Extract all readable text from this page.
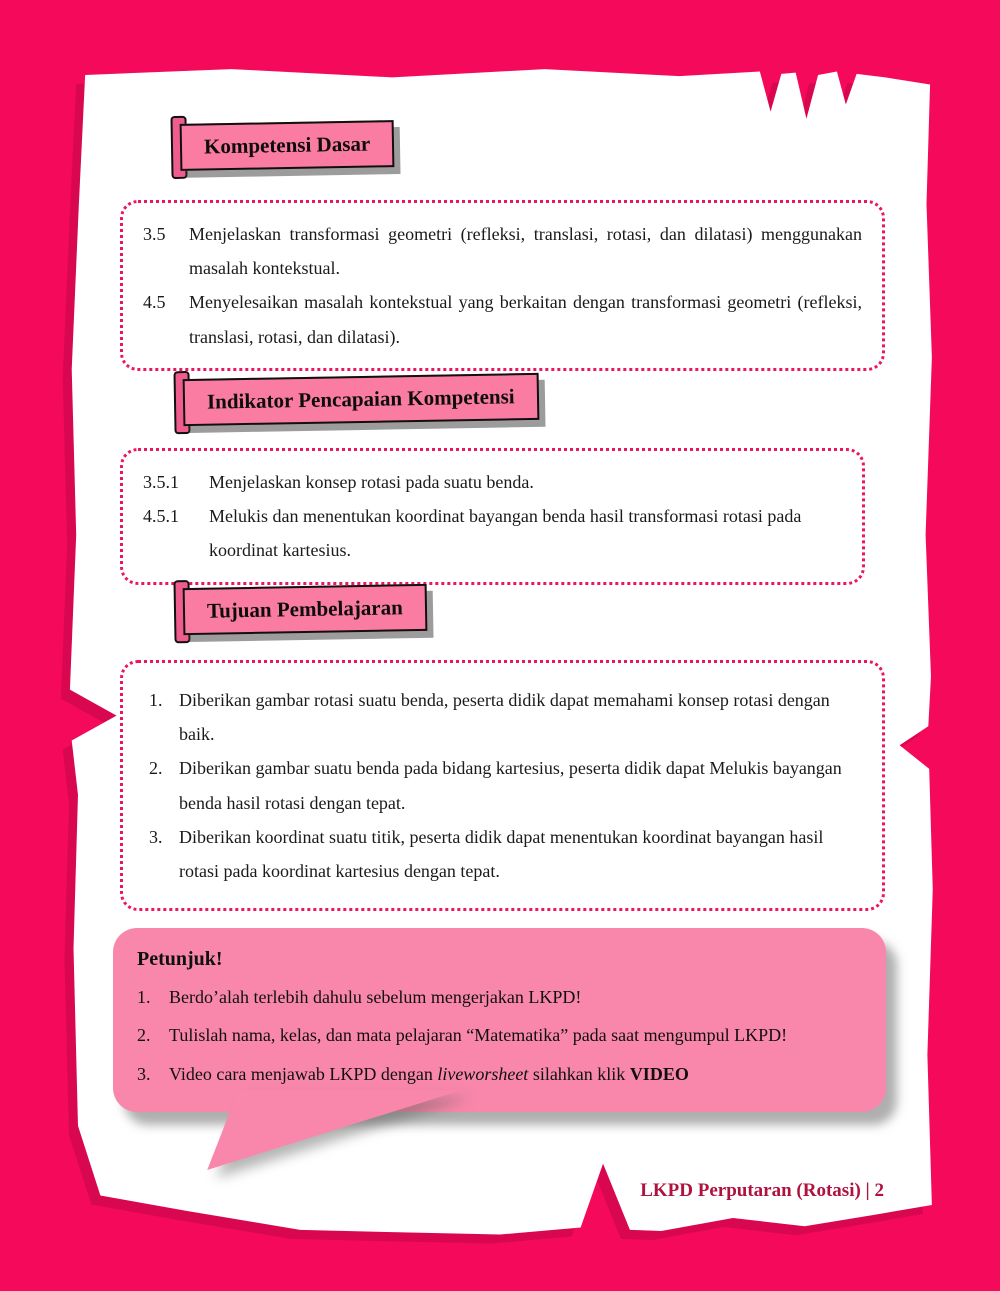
Kompetensi Dasar
3.5	Menjelaskan transformasi geometri (refleksi, translasi, rotasi, dan dilatasi) menggunakan masalah kontekstual.
4.5	Menyelesaikan masalah kontekstual yang berkaitan dengan transformasi geometri (refleksi, translasi, rotasi, dan dilatasi).
Indikator Pencapaian Kompetensi
3.5.1	Menjelaskan konsep rotasi pada suatu benda.
4.5.1	Melukis dan menentukan koordinat bayangan benda hasil transformasi rotasi pada koordinat kartesius.
Tujuan Pembelajaran
1. Diberikan gambar rotasi suatu benda, peserta didik dapat memahami konsep rotasi dengan baik.
2. Diberikan gambar suatu benda pada bidang kartesius, peserta didik dapat Melukis bayangan benda hasil rotasi dengan tepat.
3. Diberikan koordinat suatu titik, peserta didik dapat menentukan koordinat bayangan hasil rotasi pada koordinat kartesius dengan tepat.
Petunjuk!
1.	Berdo’alah terlebih dahulu sebelum mengerjakan LKPD!
2.	Tulislah nama, kelas, dan mata pelajaran “Matematika” pada saat mengumpul LKPD!
3.	Video cara menjawab LKPD dengan liveworsheet silahkan klik VIDEO
LKPD Perputaran (Rotasi) | 2
